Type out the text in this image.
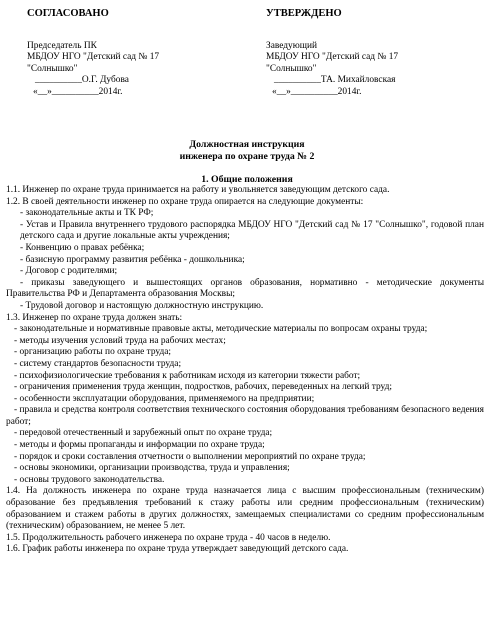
СОГЛАСОВАНО
Председатель ПК
МБДОУ НГО "Детский сад № 17
"Солнышко"
__________О.Г. Дубова
«__»__________2014г.
УТВЕРЖДЕНО
Заведующий
МБДОУ НГО "Детский сад № 17
"Солнышко"
__________ТА. Михайловская
«__»__________2014г.
Должностная инструкция
инженера по охране труда № 2
1. Общие положения

1.1. Инженер по охране труда принимается на работу и увольняется заведующим детского сада.

1.2. В своей деятельности инженер по охране труда опирается на следующие документы:

- законодательные акты и ТК РФ;

- Устав и Правила внутреннего трудового распорядка МБДОУ НГО "Детский сад № 17 "Солнышко", годовой план детского сада и другие локальные акты учреждения;

- Конвенцию о правах ребёнка;

- базисную программу развития ребёнка - дошкольника;

- Договор с родителями;

- приказы заведующего и вышестоящих органов образования, нормативно - методические документы Правительства РФ и Департамента образования Москвы;

- Трудовой договор и настоящую должностную инструкцию.

1.3. Инженер по охране труда должен знать:

- законодательные и нормативные правовые акты, методические материалы по вопросам охраны труда;

- методы изучения условий труда на рабочих местах;

- организацию работы по охране труда;

- систему стандартов безопасности труда;

- психофизиологические требования к работникам исходя из категории тяжести работ;

- ограничения применения труда женщин, подростков, рабочих, переведенных на легкий труд;

- особенности эксплуатации оборудования, применяемого на предприятии;

- правила и средства контроля соответствия технического состояния оборудования требованиям безопасного ведения работ;

- передовой отечественный и зарубежный опыт по охране труда;

- методы и формы пропаганды и информации по охране труда;

- порядок и сроки составления отчетности о выполнении мероприятий по охране труда;

- основы экономики, организации производства, труда и управления;

- основы трудового законодательства.

1.4. На должность инженера по охране труда назначается лица с высшим профессиональным (техническим) образование без предъявления требований к стажу работы или средним профессиональным (техническим) образованием и стажем работы в других должностях, замещаемых специалистами со средним профессиональным (техническим) образованием, не менее 5 лет.

1.5. Продолжительность рабочего инженера по охране труда - 40 часов в неделю.

1.6. График работы инженера по охране труда утверждает заведующий детского сада.
